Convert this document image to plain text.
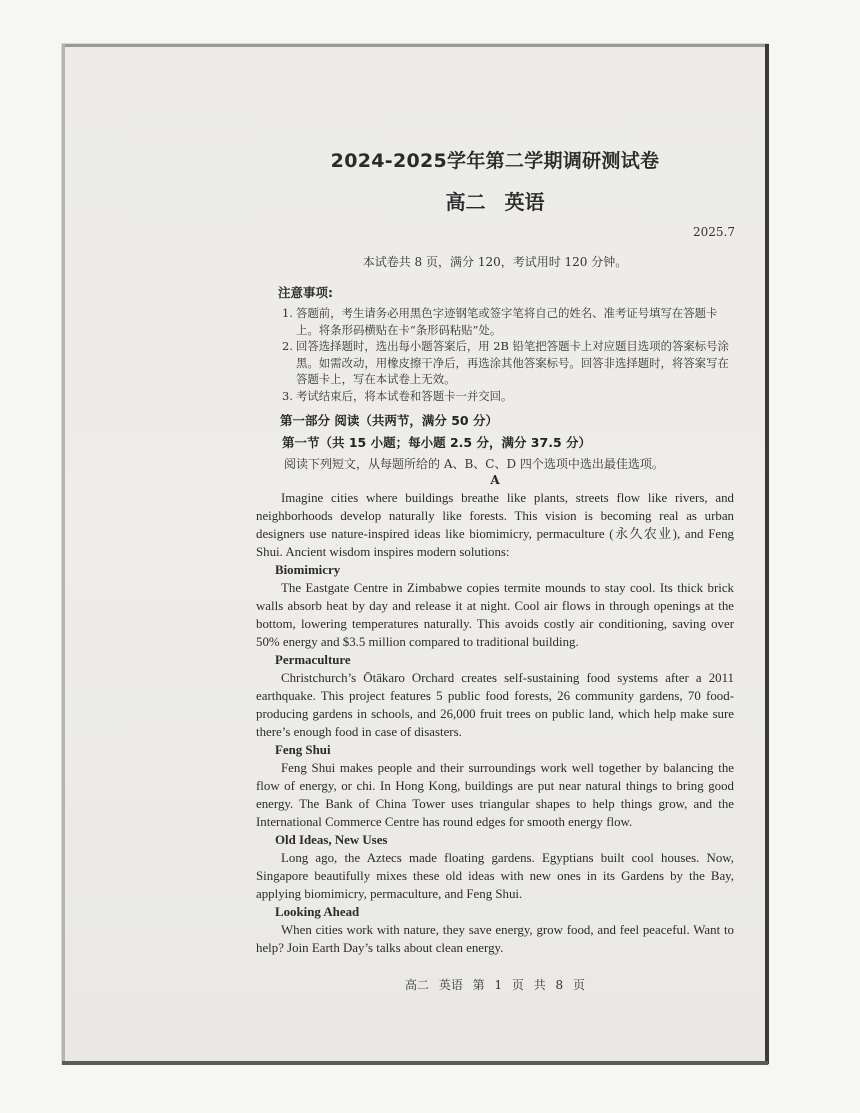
2024-2025学年第二学期调研测试卷
高二 英语
2025.7
本试卷共 8 页，满分 120，考试用时 120 分钟。
注意事项:
1. 答题前，考生请务必用黑色字迹钢笔或签字笔将自己的姓名、准考证号填写在答题卡上。将条形码横贴在卡“条形码粘贴”处。
2. 回答选择题时，选出每小题答案后，用 2B 铅笔把答题卡上对应题目选项的答案标号涂黑。如需改动，用橡皮擦干净后，再选涂其他答案标号。回答非选择题时，将答案写在答题卡上，写在本试卷上无效。
3. 考试结束后，将本试卷和答题卡一并交回。
第一部分 阅读（共两节，满分 50 分）
第一节（共 15 小题；每小题 2.5 分，满分 37.5 分）
阅读下列短文，从每题所给的 A、B、C、D 四个选项中选出最佳选项。
A

Imagine cities where buildings breathe like plants, streets flow like rivers, and neighborhoods develop naturally like forests. This vision is becoming real as urban designers use nature-inspired ideas like biomimicry, permaculture (永久农业), and Feng Shui. Ancient wisdom inspires modern solutions:

Biomimicry

The Eastgate Centre in Zimbabwe copies termite mounds to stay cool. Its thick brick walls absorb heat by day and release it at night. Cool air flows in through openings at the bottom, lowering temperatures naturally. This avoids costly air conditioning, saving over 50% energy and $3.5 million compared to traditional building.

Permaculture

Christchurch’s Ōtākaro Orchard creates self-sustaining food systems after a 2011 earthquake. This project features 5 public food forests, 26 community gardens, 70 food-producing gardens in schools, and 26,000 fruit trees on public land, which help make sure there’s enough food in case of disasters.

Feng Shui

Feng Shui makes people and their surroundings work well together by balancing the flow of energy, or chi. In Hong Kong, buildings are put near natural things to bring good energy. The Bank of China Tower uses triangular shapes to help things grow, and the International Commerce Centre has round edges for smooth energy flow.

Old Ideas, New Uses

Long ago, the Aztecs made floating gardens. Egyptians built cool houses. Now, Singapore beautifully mixes these old ideas with new ones in its Gardens by the Bay, applying biomimicry, permaculture, and Feng Shui.

Looking Ahead

When cities work with nature, they save energy, grow food, and feel peaceful. Want to help? Join Earth Day’s talks about clean energy.

高二 英语 第 1 页 共 8 页
